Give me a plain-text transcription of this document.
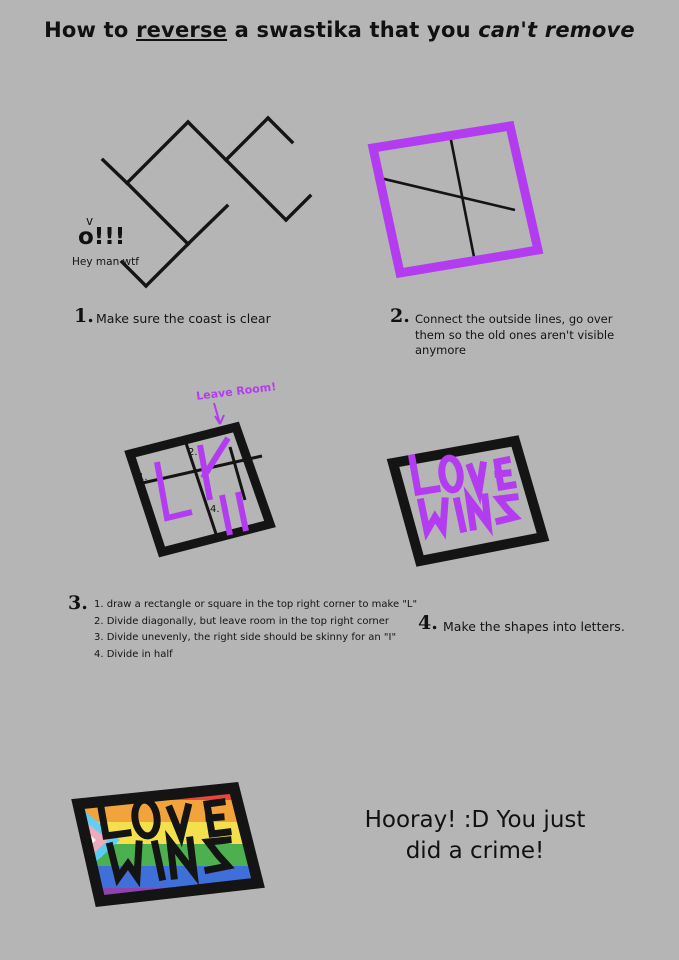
How to reverse a swastika that you can't remove
v
o!!!
Hey man wtf
1. Make sure the coast is clear	2. Connect the outside lines, go over them so the old ones aren't visible anymore
Leave Room!
1.
2.
3.
4.
3. 1. draw a rectangle or square in the top right corner to make "L"
2. Divide diagonally, but leave room in the top right corner
3. Divide unevenly, the right side should be skinny for an "I"
4. Divide in half
4. Make the shapes into letters.
Hooray! :D You just
did a crime!
